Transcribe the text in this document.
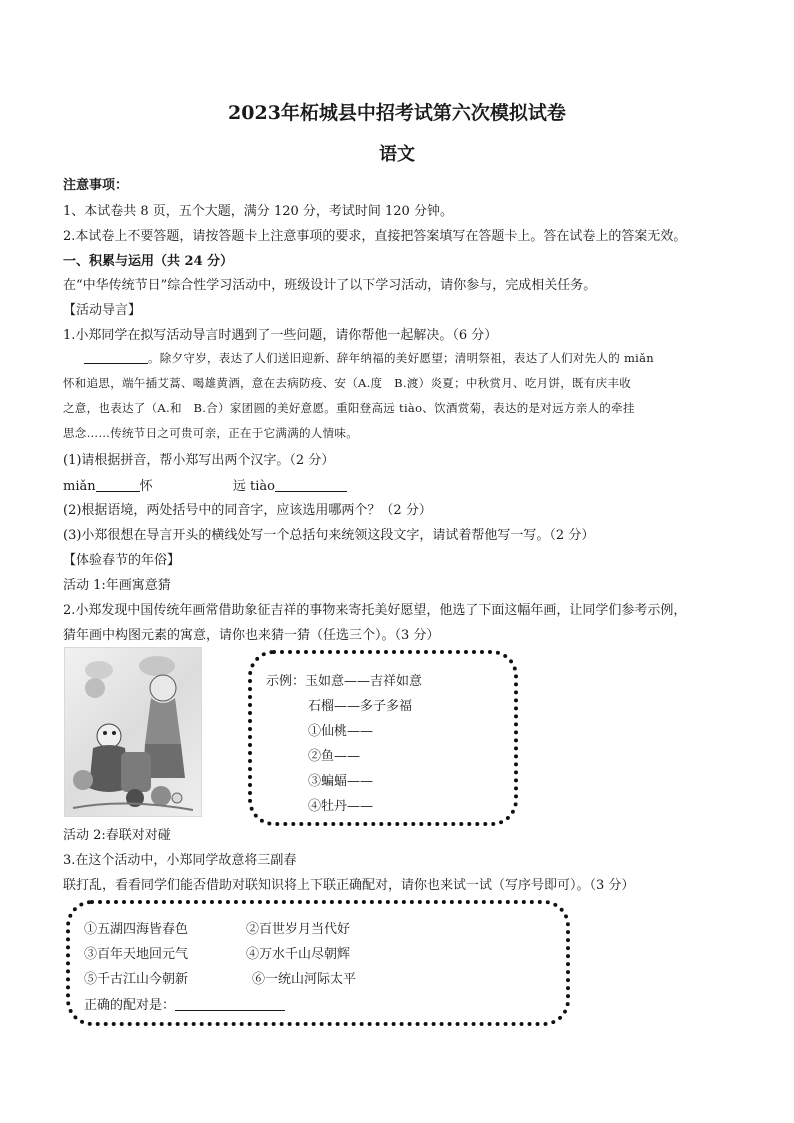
2023年柘城县中招考试第六次模拟试卷
语文
注意事项：
1、本试卷共 8 页，五个大题，满分 120 分，考试时间 120 分钟。
2.本试卷上不要答题，请按答题卡上注意事项的要求，直接把答案填写在答题卡上。答在试卷上的答案无效。
一、积累与运用（共 24 分）
在“中华传统节日”综合性学习活动中，班级设计了以下学习活动，请你参与，完成相关任务。
【活动导言】
1.小郑同学在拟写活动导言时遇到了一些问题，请你帮他一起解决。（6 分）
。除夕守岁，表达了人们送旧迎新、辞年纳福的美好愿望；清明祭祖，表达了人们对先人的 miǎn
怀和追思，端午插艾蒿、喝雄黄酒，意在去病防疫、安（A.度　B.渡）炎夏；中秋赏月、吃月饼，既有庆丰收
之意，也表达了（A.和　B.合）家团圆的美好意愿。重阳登高远 tiào、饮酒赏菊，表达的是对远方亲人的牵挂
思念……传统节日之可贵可亲，正在于它满满的人情味。
(1)请根据拼音，帮小郑写出两个汉字。（2 分）
miǎn	怀	远 tiào
(2)根据语境，两处括号中的同音字，应该选用哪两个？（2 分）
(3)小郑很想在导言开头的横线处写一个总括句来统领这段文字，请试着帮他写一写。（2 分）
【体验春节的年俗】
活动 1:年画寓意猜
2.小郑发现中国传统年画常借助象征吉祥的事物来寄托美好愿望，他选了下面这幅年画，让同学们参考示例，
猜年画中构图元素的寓意，请你也来猜一猜（任选三个）。（3 分）
示例：玉如意——吉祥如意
石榴——多子多福
①仙桃——
②鱼——
③蝙蝠——
④牡丹——
活动 2:春联对对碰
3.在这个活动中，小郑同学故意将三副春
联打乱，看看同学们能否借助对联知识将上下联正确配对，请你也来试一试（写序号即可）。（3 分）
①五湖四海皆春色	②百世岁月当代好
③百年天地回元气	④万水千山尽朝辉
⑤千古江山今朝新	⑥一统山河际太平
正确的配对是：
